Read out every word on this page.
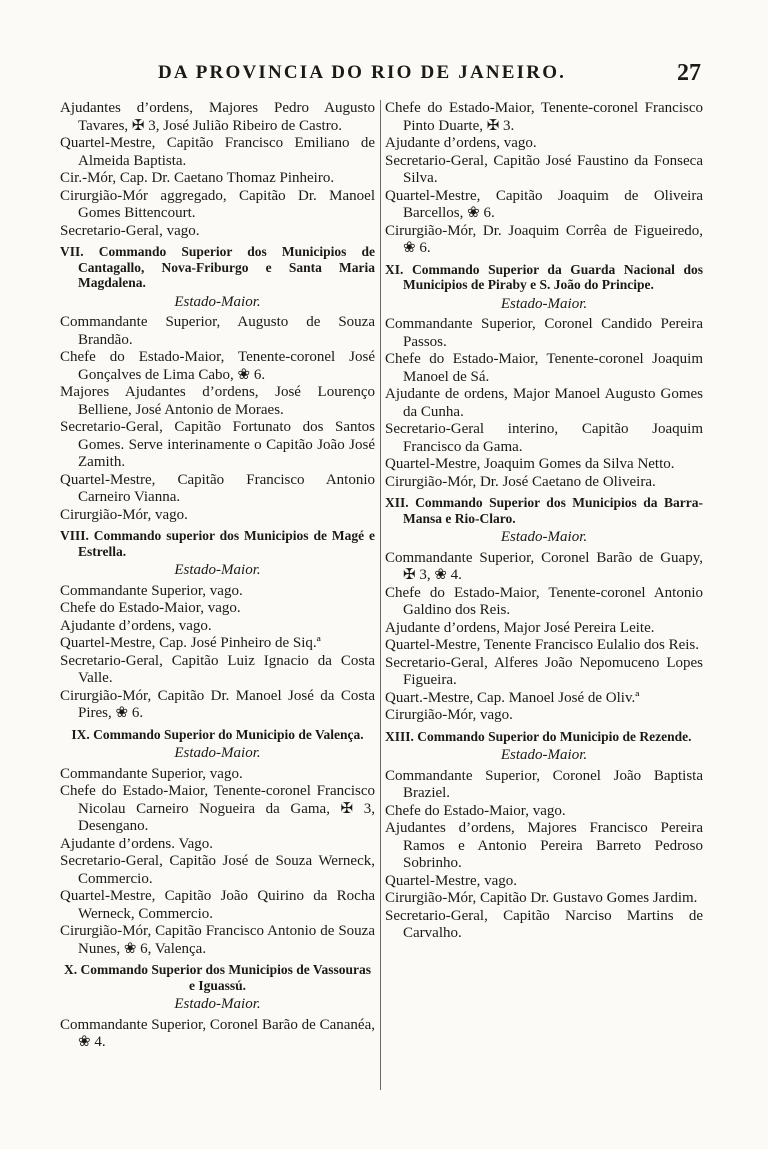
DA PROVINCIA DO RIO DE JANEIRO.	27

Ajudantes d’ordens, Majores Pedro Augusto Tavares, ✠ 3, José Julião Ribeiro de Castro.

Quartel-Mestre, Capitão Francisco Emiliano de Almeida Baptista.

Cir.-Mór, Cap. Dr. Caetano Thomaz Pinheiro.

Cirurgião-Mór aggregado, Capitão Dr. Manoel Gomes Bittencourt.

Secretario-Geral, vago.

VII. Commando Superior dos Municipios de Cantagallo, Nova-Friburgo e Santa Maria Magdalena.

Estado-Maior.

Commandante Superior, Augusto de Souza Brandão.

Chefe do Estado-Maior, Tenente-coronel José Gonçalves de Lima Cabo, ❀ 6.

Majores Ajudantes d’ordens, José Lourenço Belliene, José Antonio de Moraes.

Secretario-Geral, Capitão Fortunato dos Santos Gomes. Serve interinamente o Capitão João José Zamith.

Quartel-Mestre, Capitão Francisco Antonio Carneiro Vianna.

Cirurgião-Mór, vago.

VIII. Commando superior dos Municipios de Magé e Estrella.

Estado-Maior.

Commandante Superior, vago.

Chefe do Estado-Maior, vago.

Ajudante d’ordens, vago.

Quartel-Mestre, Cap. José Pinheiro de Siq.ª

Secretario-Geral, Capitão Luiz Ignacio da Costa Valle.

Cirurgião-Mór, Capitão Dr. Manoel José da Costa Pires, ❀ 6.

IX. Commando Superior do Municipio de Valença.

Estado-Maior.

Commandante Superior, vago.

Chefe do Estado-Maior, Tenente-coronel Francisco Nicolau Carneiro Nogueira da Gama, ✠ 3, Desengano.

Ajudante d’ordens. Vago.

Secretario-Geral, Capitão José de Souza Werneck, Commercio.

Quartel-Mestre, Capitão João Quirino da Rocha Werneck, Commercio.

Cirurgião-Mór, Capitão Francisco Antonio de Souza Nunes, ❀ 6, Valença.

X. Commando Superior dos Municipios de Vassouras e Iguassú.

Estado-Maior.

Commandante Superior, Coronel Barão de Cananéa, ❀ 4.

Chefe do Estado-Maior, Tenente-coronel Francisco Pinto Duarte, ✠ 3.

Ajudante d’ordens, vago.

Secretario-Geral, Capitão José Faustino da Fonseca Silva.

Quartel-Mestre, Capitão Joaquim de Oliveira Barcellos, ❀ 6.

Cirurgião-Mór, Dr. Joaquim Corrêa de Figueiredo, ❀ 6.

XI. Commando Superior da Guarda Nacional dos Municipios de Piraby e S. João do Principe.

Estado-Maior.

Commandante Superior, Coronel Candido Pereira Passos.

Chefe do Estado-Maior, Tenente-coronel Joaquim Manoel de Sá.

Ajudante de ordens, Major Manoel Augusto Gomes da Cunha.

Secretario-Geral interino, Capitão Joaquim Francisco da Gama.

Quartel-Mestre, Joaquim Gomes da Silva Netto.

Cirurgião-Mór, Dr. José Caetano de Oliveira.

XII. Commando Superior dos Municipios da Barra-Mansa e Rio-Claro.

Estado-Maior.

Commandante Superior, Coronel Barão de Guapy, ✠ 3, ❀ 4.

Chefe do Estado-Maior, Tenente-coronel Antonio Galdino dos Reis.

Ajudante d’ordens, Major José Pereira Leite.

Quartel-Mestre, Tenente Francisco Eulalio dos Reis.

Secretario-Geral, Alferes João Nepomuceno Lopes Figueira.

Quart.-Mestre, Cap. Manoel José de Oliv.ª

Cirurgião-Mór, vago.

XIII. Commando Superior do Municipio de Rezende.

Estado-Maior.

Commandante Superior, Coronel João Baptista Braziel.

Chefe do Estado-Maior, vago.

Ajudantes d’ordens, Majores Francisco Pereira Ramos e Antonio Pereira Barreto Pedroso Sobrinho.

Quartel-Mestre, vago.

Cirurgião-Mór, Capitão Dr. Gustavo Gomes Jardim.

Secretario-Geral, Capitão Narciso Martins de Carvalho.
